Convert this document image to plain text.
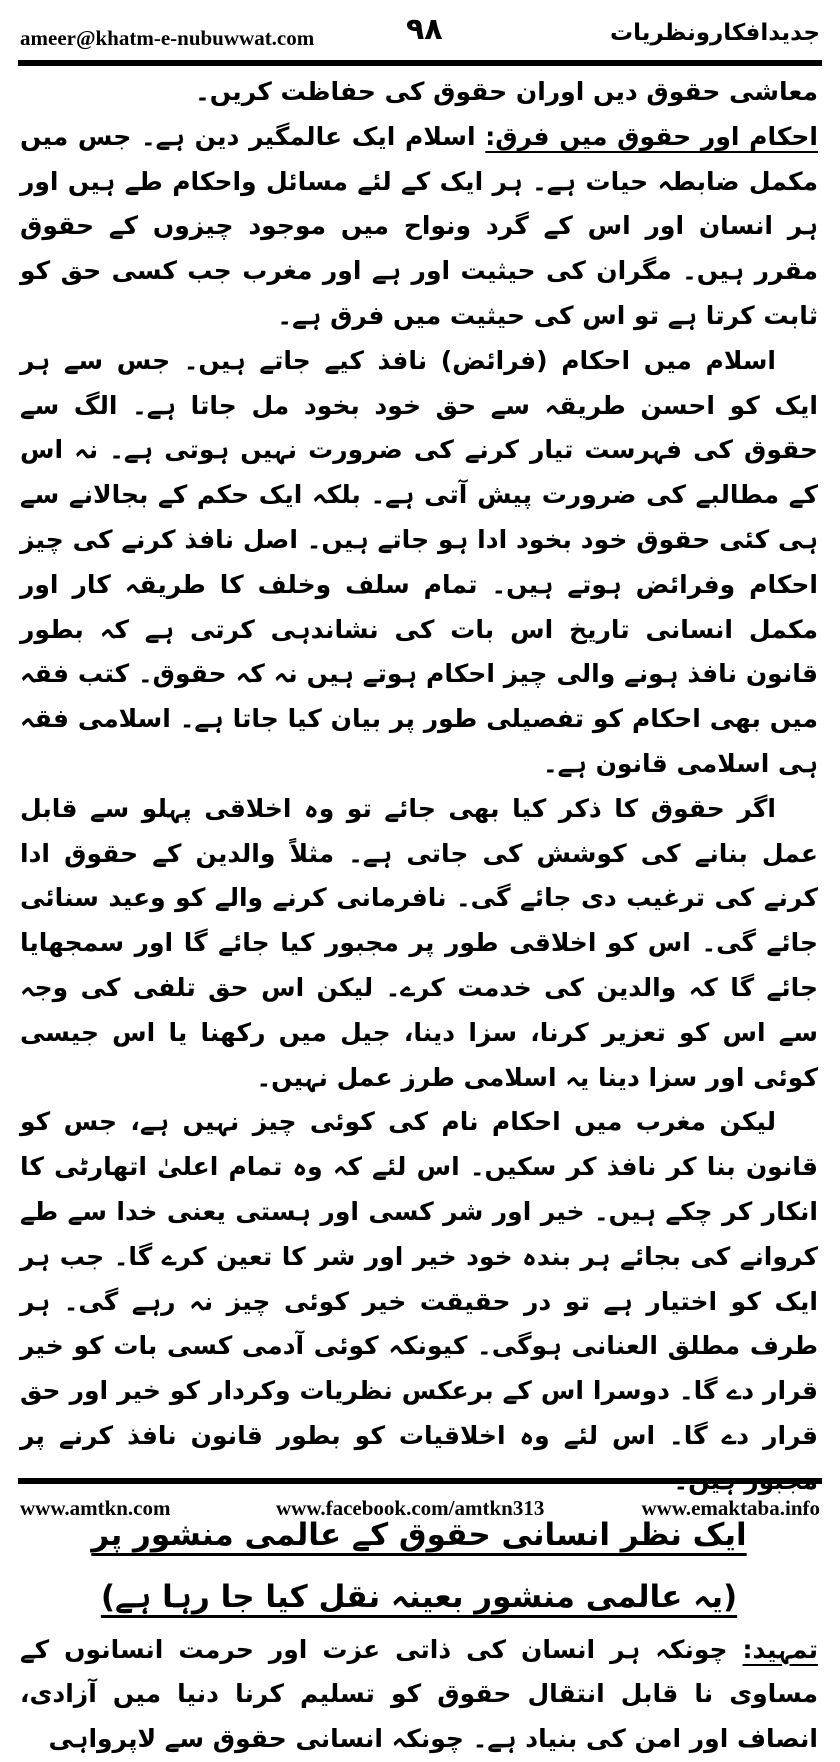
ameer@khatm-e-nubuwwat.com	۹۸	جدیدافکارونظریات

معاشی حقوق دیں اوران حقوق کی حفاظت کریں۔

احکام اور حقوق میں فرق: اسلام ایک عالمگیر دین ہے۔ جس میں مکمل ضابطہ حیات ہے۔ ہر ایک کے لئے مسائل واحکام طے ہیں اور ہر انسان اور اس کے گرد ونواح میں موجود چیزوں کے حقوق مقرر ہیں۔ مگران کی حیثیت اور ہے اور مغرب جب کسی حق کو ثابت کرتا ہے تو اس کی حیثیت میں فرق ہے۔

اسلام میں احکام (فرائض) نافذ کیے جاتے ہیں۔ جس سے ہر ایک کو احسن طریقہ سے حق خود بخود مل جاتا ہے۔ الگ سے حقوق کی فہرست تیار کرنے کی ضرورت نہیں ہوتی ہے۔ نہ اس کے مطالبے کی ضرورت پیش آتی ہے۔ بلکہ ایک حکم کے بجالانے سے ہی کئی حقوق خود بخود ادا ہو جاتے ہیں۔ اصل نافذ کرنے کی چیز احکام وفرائض ہوتے ہیں۔ تمام سلف وخلف کا طریقہ کار اور مکمل انسانی تاریخ اس بات کی نشاندہی کرتی ہے کہ بطور قانون نافذ ہونے والی چیز احکام ہوتے ہیں نہ کہ حقوق۔ کتب فقہ میں بھی احکام کو تفصیلی طور پر بیان کیا جاتا ہے۔ اسلامی فقہ ہی اسلامی قانون ہے۔

اگر حقوق کا ذکر کیا بھی جائے تو وہ اخلاقی پہلو سے قابل عمل بنانے کی کوشش کی جاتی ہے۔ مثلاً والدین کے حقوق ادا کرنے کی ترغیب دی جائے گی۔ نافرمانی کرنے والے کو وعید سنائی جائے گی۔ اس کو اخلاقی طور پر مجبور کیا جائے گا اور سمجھایا جائے گا کہ والدین کی خدمت کرے۔ لیکن اس حق تلفی کی وجہ سے اس کو تعزیر کرنا، سزا دینا، جیل میں رکھنا یا اس جیسی کوئی اور سزا دینا یہ اسلامی طرز عمل نہیں۔

لیکن مغرب میں احکام نام کی کوئی چیز نہیں ہے، جس کو قانون بنا کر نافذ کر سکیں۔ اس لئے کہ وہ تمام اعلیٰ اتھارٹی کا انکار کر چکے ہیں۔ خیر اور شر کسی اور ہستی یعنی خدا سے طے کروانے کی بجائے ہر بندہ خود خیر اور شر کا تعین کرے گا۔ جب ہر ایک کو اختیار ہے تو در حقیقت خیر کوئی چیز نہ رہے گی۔ ہر طرف مطلق العنانی ہوگی۔ کیونکہ کوئی آدمی کسی بات کو خیر قرار دے گا۔ دوسرا اس کے برعکس نظریات وکردار کو خیر اور حق قرار دے گا۔ اس لئے وہ اخلاقیات کو بطور قانون نافذ کرنے پر مجبور ہیں۔

ایک نظر انسانی حقوق کے عالمی منشور پر

(یہ عالمی منشور بعینہ نقل کیا جا رہا ہے)

تمہید: چونکہ ہر انسان کی ذاتی عزت اور حرمت انسانوں کے مساوی نا قابل انتقال حقوق کو تسلیم کرنا دنیا میں آزادی، انصاف اور امن کی بنیاد ہے۔ چونکہ انسانی حقوق سے لاپرواہی

www.amtkn.com	www.facebook.com/amtkn313	www.emaktaba.info
